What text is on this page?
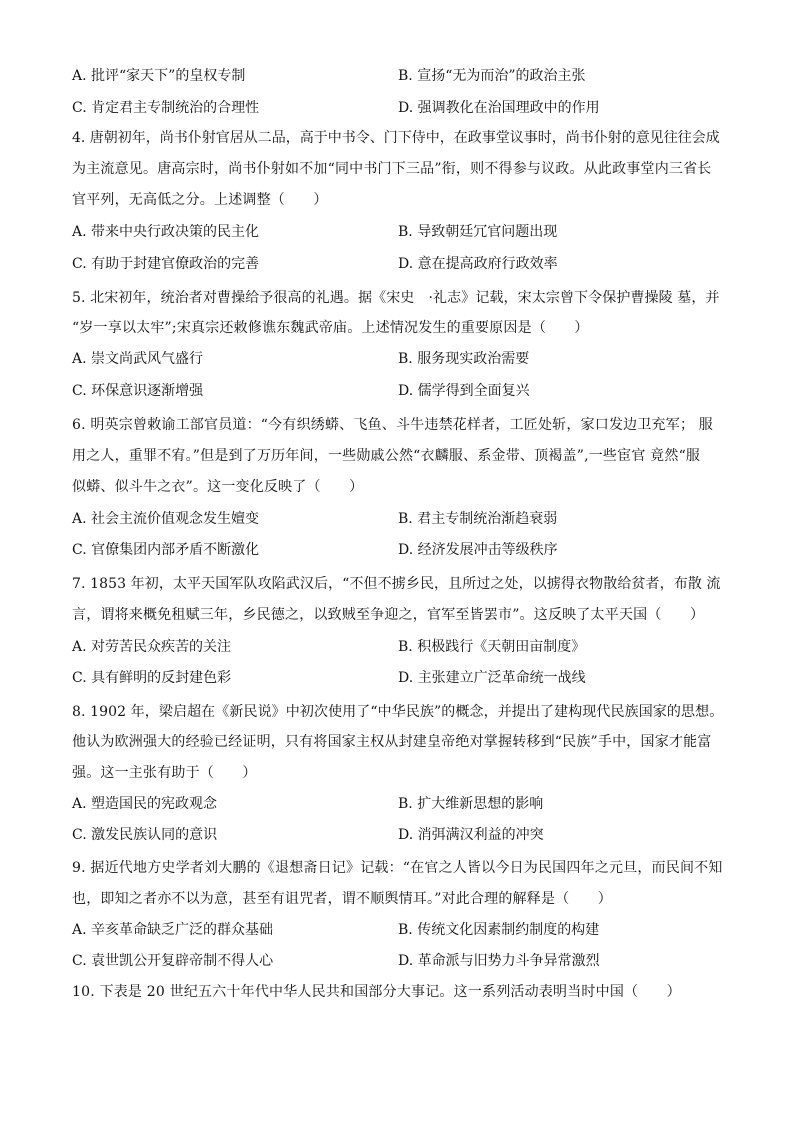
A. 批评“家天下”的皇权专制	B. 宣扬“无为而治”的政治主张
C. 肯定君主专制统治的合理性	D. 强调教化在治国理政中的作用
4. 唐朝初年，尚书仆射官居从二品，高于中书令、门下侍中，在政事堂议事时，尚书仆射的意见往往会成
为主流意见。唐高宗时，尚书仆射如不加“同中书门下三品”衔，则不得参与议政。从此政事堂内三省长
官平列，无高低之分。上述调整（　　）
A. 带来中央行政决策的民主化	B. 导致朝廷冗官问题出现
C. 有助于封建官僚政治的完善	D. 意在提高政府行政效率
5. 北宋初年，统治者对曹操给予很高的礼遇。据《宋史　·礼志》记载，宋太宗曾下令保护曹操陵 墓，并
“岁一享以太牢”;宋真宗还敕修谯东魏武帝庙。上述情况发生的重要原因是（　　）
A. 崇文尚武风气盛行	B. 服务现实政治需要
C. 环保意识逐渐增强	D. 儒学得到全面复兴
6. 明英宗曾敕谕工部官员道：“今有织绣蟒、飞鱼、斗牛违禁花样者，工匠处斩，家口发边卫充军； 服
用之人，重罪不宥。”但是到了万历年间，一些勋戚公然“衣麟服、系金带、顶褐盖”,一些宦官 竟然“服
似蟒、似斗牛之衣”。这一变化反映了（　　）
A. 社会主流价值观念发生嬗变	B. 君主专制统治渐趋衰弱
C. 官僚集团内部矛盾不断激化	D. 经济发展冲击等级秩序
7. 1853 年初，太平天国军队攻陷武汉后，“不但不掳乡民，且所过之处，以掳得衣物散给贫者，布散 流
言，谓将来概免租赋三年，乡民德之，以致贼至争迎之，官军至皆罢市”。这反映了太平天国（　　）
A. 对劳苦民众疾苦的关注	B. 积极践行《天朝田亩制度》
C. 具有鲜明的反封建色彩	D. 主张建立广泛革命统一战线
8. 1902 年，梁启超在《新民说》中初次使用了“中华民族”的概念，并提出了建构现代民族国家的思想。
他认为欧洲强大的经验已经证明，只有将国家主权从封建皇帝绝对掌握转移到“民族”手中，国家才能富
强。这一主张有助于（　　）
A. 塑造国民的宪政观念	B. 扩大维新思想的影响
C. 激发民族认同的意识	D. 消弭满汉利益的冲突
9. 据近代地方史学者刘大鹏的《退想斋日记》记载：“在官之人皆以今日为民国四年之元旦，而民间不知
也，即知之者亦不以为意，甚至有诅咒者，谓不顺舆情耳。”对此合理的解释是（　　）
A. 辛亥革命缺乏广泛的群众基础	B. 传统文化因素制约制度的构建
C. 袁世凯公开复辟帝制不得人心	D. 革命派与旧势力斗争异常激烈
10. 下表是 20 世纪五六十年代中华人民共和国部分大事记。这一系列活动表明当时中国（　　）
